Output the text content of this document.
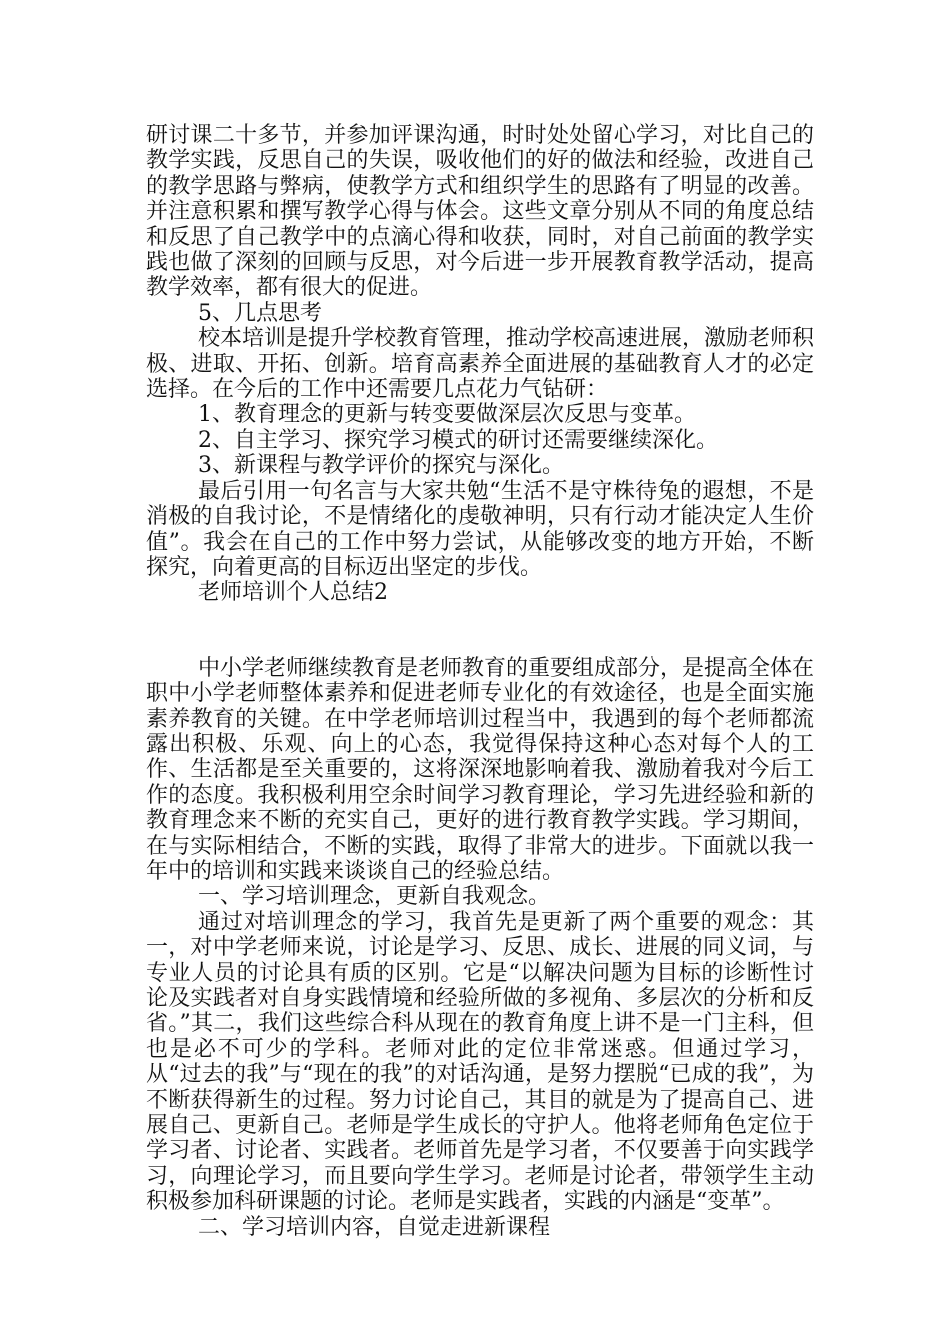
研讨课二十多节，并参加评课沟通，时时处处留心学习，对比自己的教学实践，反思自己的失误，吸收他们的好的做法和经验，改进自己的教学思路与弊病，使教学方式和组织学生的思路有了明显的改善。并注意积累和撰写教学心得与体会。这些文章分别从不同的角度总结和反思了自己教学中的点滴心得和收获，同时，对自己前面的教学实践也做了深刻的回顾与反思，对今后进一步开展教育教学活动，提高教学效率，都有很大的促进。

5、几点思考

校本培训是提升学校教育管理，推动学校高速进展，激励老师积极、进取、开拓、创新。培育高素养全面进展的基础教育人才的必定选择。在今后的工作中还需要几点花力气钻研：

1、教育理念的更新与转变要做深层次反思与变革。

2、自主学习、探究学习模式的研讨还需要继续深化。

3、新课程与教学评价的探究与深化。

最后引用一句名言与大家共勉“生活不是守株待兔的遐想，不是消极的自我讨论，不是情绪化的虔敬神明，只有行动才能决定人生价值”。我会在自己的工作中努力尝试，从能够改变的地方开始，不断探究，向着更高的目标迈出坚定的步伐。

老师培训个人总结2

中小学老师继续教育是老师教育的重要组成部分，是提高全体在职中小学老师整体素养和促进老师专业化的有效途径，也是全面实施素养教育的关键。在中学老师培训过程当中，我遇到的每个老师都流露出积极、乐观、向上的心态，我觉得保持这种心态对每个人的工作、生活都是至关重要的，这将深深地影响着我、激励着我对今后工作的态度。我积极利用空余时间学习教育理论，学习先进经验和新的教育理念来不断的充实自己，更好的进行教育教学实践。学习期间，在与实际相结合，不断的实践，取得了非常大的进步。下面就以我一年中的培训和实践来谈谈自己的经验总结。

一、学习培训理念，更新自我观念。

通过对培训理念的学习，我首先是更新了两个重要的观念：其一，对中学老师来说，讨论是学习、反思、成长、进展的同义词，与专业人员的讨论具有质的区别。它是“以解决问题为目标的诊断性讨论及实践者对自身实践情境和经验所做的多视角、多层次的分析和反省。”其二，我们这些综合科从现在的教育角度上讲不是一门主科，但也是必不可少的学科。老师对此的定位非常迷惑。但通过学习，从“过去的我”与“现在的我”的对话沟通，是努力摆脱“已成的我”，为不断获得新生的过程。努力讨论自己，其目的就是为了提高自己、进展自己、更新自己。老师是学生成长的守护人。他将老师角色定位于学习者、讨论者、实践者。老师首先是学习者，不仅要善于向实践学习，向理论学习，而且要向学生学习。老师是讨论者，带领学生主动积极参加科研课题的讨论。老师是实践者，实践的内涵是“变革”。

二、学习培训内容，自觉走进新课程
